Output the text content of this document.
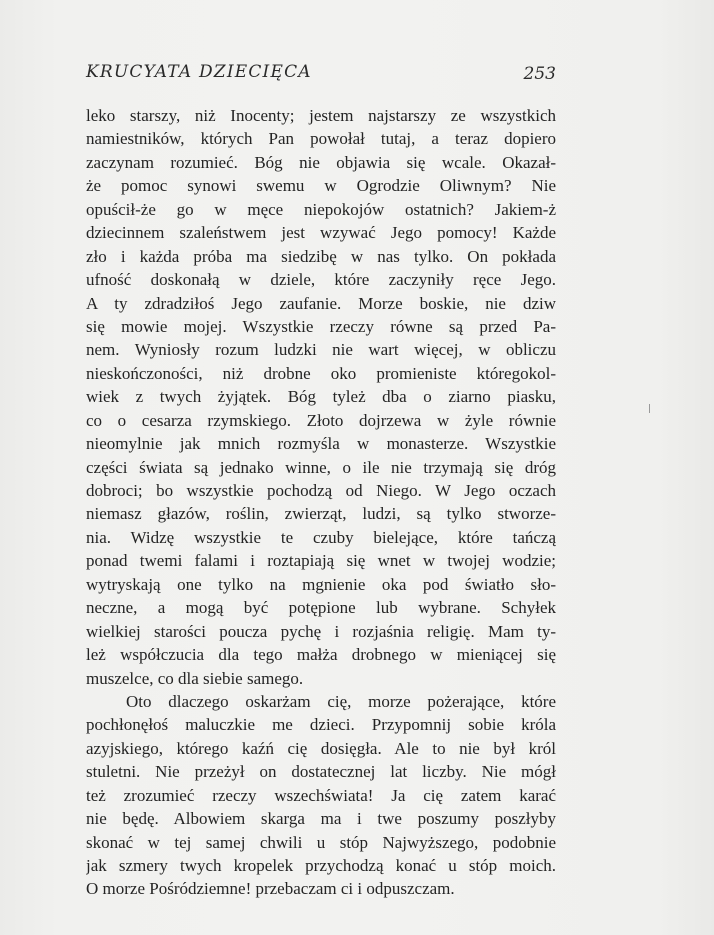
KRUCYATA DZIECIĘCA	253
leko starszy, niż Inocenty; jestem najstarszy ze wszystkich
namiestników, których Pan powołał tutaj, a teraz dopiero
zaczynam rozumieć. Bóg nie objawia się wcale. Okazał-
że pomoc synowi swemu w Ogrodzie Oliwnym? Nie
opuścił-że go w męce niepokojów ostatnich? Jakiem-ż
dziecinnem szaleństwem jest wzywać Jego pomocy! Każde
zło i każda próba ma siedzibę w nas tylko. On pokłada
ufność doskonałą w dziele, które zaczyniły ręce Jego.
A ty zdradziłoś Jego zaufanie. Morze boskie, nie dziw
się mowie mojej. Wszystkie rzeczy równe są przed Pa-
nem. Wyniosły rozum ludzki nie wart więcej, w obliczu
nieskończoności, niż drobne oko promieniste któregokol-
wiek z twych żyjątek. Bóg tyleż dba o ziarno piasku,
co o cesarza rzymskiego. Złoto dojrzewa w żyle równie
nieomylnie jak mnich rozmyśla w monasterze. Wszystkie
części świata są jednako winne, o ile nie trzymają się dróg
dobroci; bo wszystkie pochodzą od Niego. W Jego oczach
niemasz głazów, roślin, zwierząt, ludzi, są tylko stworze-
nia. Widzę wszystkie te czuby bielejące, które tańczą
ponad twemi falami i roztapiają się wnet w twojej wodzie;
wytryskają one tylko na mgnienie oka pod światło sło-
neczne, a mogą być potępione lub wybrane. Schyłek
wielkiej starości poucza pychę i rozjaśnia religię. Mam ty-
leż współczucia dla tego małża drobnego w mieniącej się
muszelce, co dla siebie samego.
Oto dlaczego oskarżam cię, morze pożerające, które
pochłonęłoś maluczkie me dzieci. Przypomnij sobie króla
azyjskiego, którego kaźń cię dosięgła. Ale to nie był król
stuletni. Nie przeżył on dostatecznej lat liczby. Nie mógł
też zrozumieć rzeczy wszechświata! Ja cię zatem karać
nie będę. Albowiem skarga ma i twe poszumy poszłyby
skonać w tej samej chwili u stóp Najwyższego, podobnie
jak szmery twych kropelek przychodzą konać u stóp moich.
O morze Pośródziemne! przebaczam ci i odpuszczam.
